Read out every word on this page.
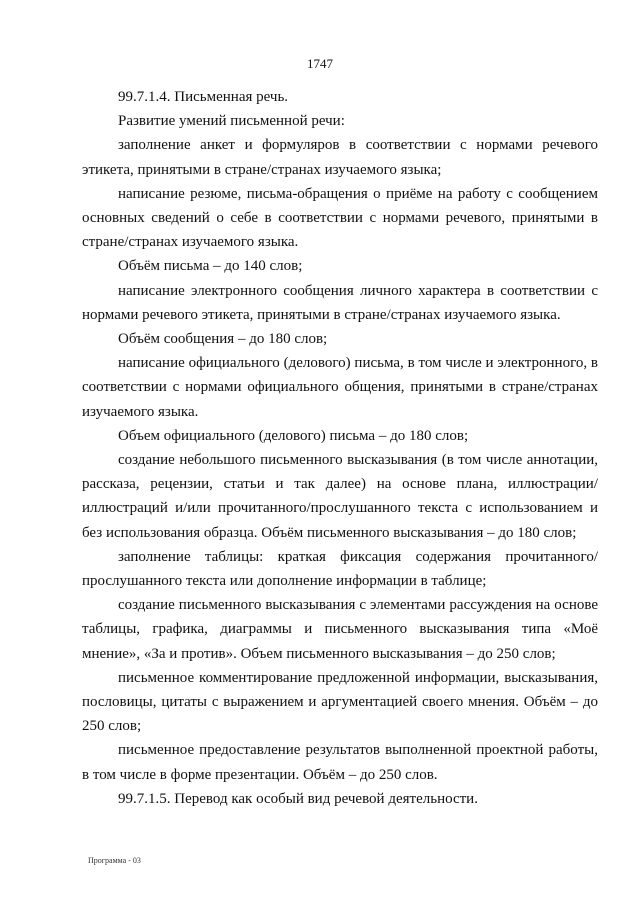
1747

99.7.1.4. Письменная речь.

Развитие умений письменной речи:

заполнение анкет и формуляров в соответствии с нормами речевого этикета, принятыми в стране/странах изучаемого языка;

написание резюме, письма-обращения о приёме на работу с сообщением основных сведений о себе в соответствии с нормами речевого, принятыми в стране/странах изучаемого языка.

Объём письма – до 140 слов;

написание электронного сообщения личного характера в соответствии с нормами речевого этикета, принятыми в стране/странах изучаемого языка.

Объём сообщения – до 180 слов;

написание официального (делового) письма, в том числе и электронного, в соответствии с нормами официального общения, принятыми в стране/странах изучаемого языка.

Объем официального (делового) письма – до 180 слов;

создание небольшого письменного высказывания (в том числе аннотации, рассказа, рецензии, статьи и так далее) на основе плана, иллюстрации/иллюстраций и/или прочитанного/прослушанного текста с использованием и без использования образца. Объём письменного высказывания – до 180 слов;

заполнение таблицы: краткая фиксация содержания прочитанного/ прослушанного текста или дополнение информации в таблице;

создание письменного высказывания с элементами рассуждения на основе таблицы, графика, диаграммы и письменного высказывания типа «Моё мнение», «За и против». Объем письменного высказывания – до 250 слов;

письменное комментирование предложенной информации, высказывания, пословицы, цитаты с выражением и аргументацией своего мнения. Объём – до 250 слов;

письменное предоставление результатов выполненной проектной работы, в том числе в форме презентации. Объём – до 250 слов.

99.7.1.5. Перевод как особый вид речевой деятельности.

Программа - 03
